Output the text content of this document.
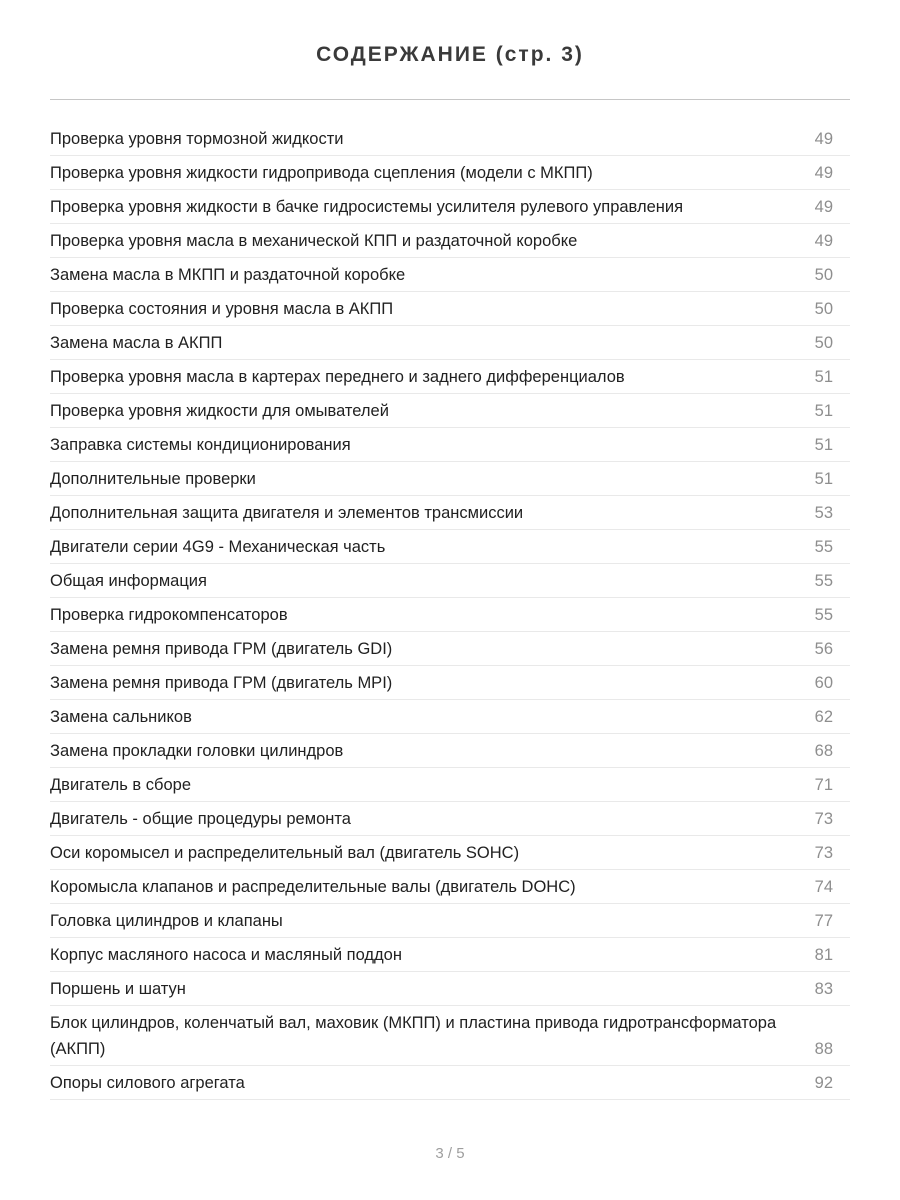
СОДЕРЖАНИЕ (стр. 3)
Проверка уровня тормозной жидкости	49
Проверка уровня жидкости гидропривода сцепления (модели с МКПП)	49
Проверка уровня жидкости в бачке гидросистемы усилителя рулевого управления	49
Проверка уровня масла в механической КПП и раздаточной коробке	49
Замена масла в МКПП и раздаточной коробке	50
Проверка состояния и уровня масла в АКПП	50
Замена масла в АКПП	50
Проверка уровня масла в картерах переднего и заднего дифференциалов	51
Проверка уровня жидкости для омывателей	51
Заправка системы кондиционирования	51
Дополнительные проверки	51
Дополнительная защита двигателя и элементов трансмиссии	53
Двигатели серии 4G9 - Механическая часть	55
Общая информация	55
Проверка гидрокомпенсаторов	55
Замена ремня привода ГРМ (двигатель GDI)	56
Замена ремня привода ГРМ (двигатель MPI)	60
Замена сальников	62
Замена прокладки головки цилиндров	68
Двигатель в сборе	71
Двигатель - общие процедуры ремонта	73
Оси коромысел и распределительный вал (двигатель SOHC)	73
Коромысла клапанов и распределительные валы (двигатель DOHC)	74
Головка цилиндров и клапаны	77
Корпус масляного насоса и масляный поддон	81
Поршень и шатун	83
Блок цилиндров, коленчатый вал, маховик (МКПП) и пластина привода гидротрансформатора (АКПП)	88
Опоры силового агрегата	92
3 / 5
